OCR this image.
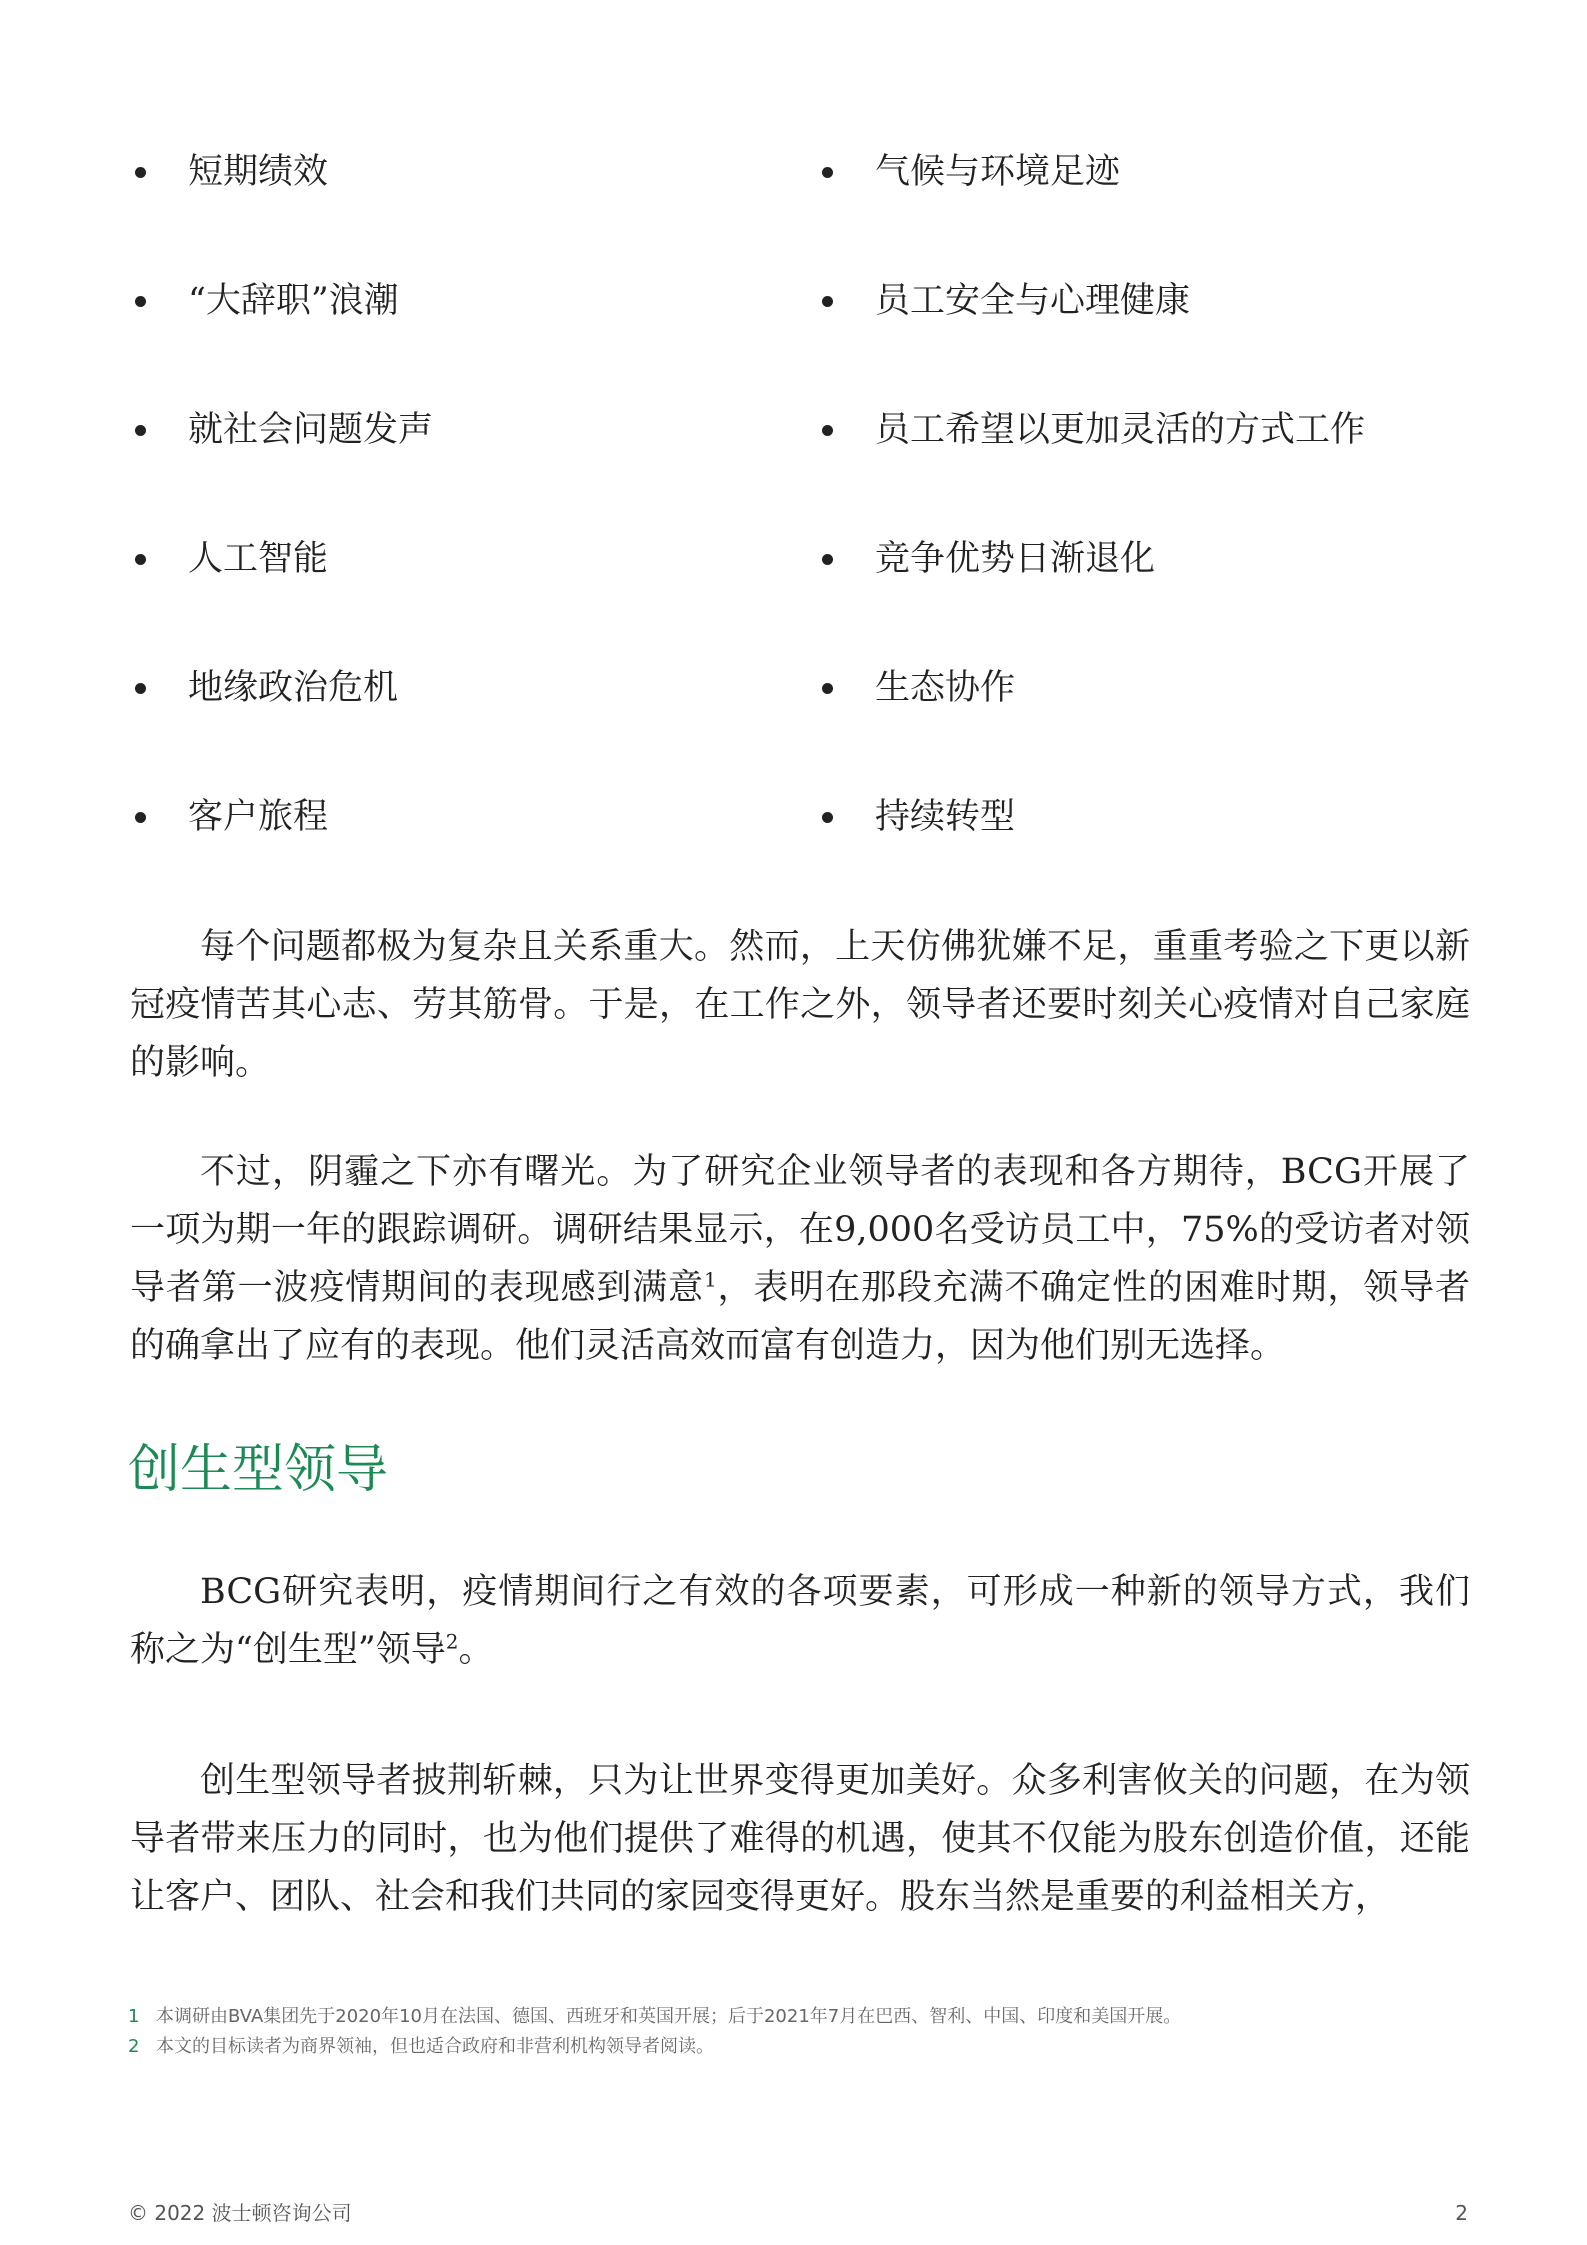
短期绩效
“大辞职”浪潮
就社会问题发声
人工智能
地缘政治危机
客户旅程
气候与环境足迹
员工安全与心理健康
员工希望以更加灵活的方式工作
竞争优势日渐退化
生态协作
持续转型

每个问题都极为复杂且关系重大。然而，上天仿佛犹嫌不足，重重考验之下更以新冠疫情苦其心志、劳其筋骨。于是，在工作之外，领导者还要时刻关心疫情对自己家庭的影响。

不过，阴霾之下亦有曙光。为了研究企业领导者的表现和各方期待，BCG开展了一项为期一年的跟踪调研。调研结果显示，在9,000名受访员工中，75%的受访者对领导者第一波疫情期间的表现感到满意$^1$，表明在那段充满不确定性的困难时期，领导者的确拿出了应有的表现。他们灵活高效而富有创造力，因为他们别无选择。

创生型领导

BCG研究表明，疫情期间行之有效的各项要素，可形成一种新的领导方式，我们称之为“创生型”领导$^2$。

创生型领导者披荆斩棘，只为让世界变得更加美好。众多利害攸关的问题，在为领导者带来压力的同时，也为他们提供了难得的机遇，使其不仅能为股东创造价值，还能让客户、团队、社会和我们共同的家园变得更好。股东当然是重要的利益相关方，

1 本调研由BVA集团先于2020年10月在法国、德国、西班牙和英国开展；后于2021年7月在巴西、智利、中国、印度和美国开展。
2 本文的目标读者为商界领袖，但也适合政府和非营利机构领导者阅读。
© 2022 波士顿咨询公司	2
